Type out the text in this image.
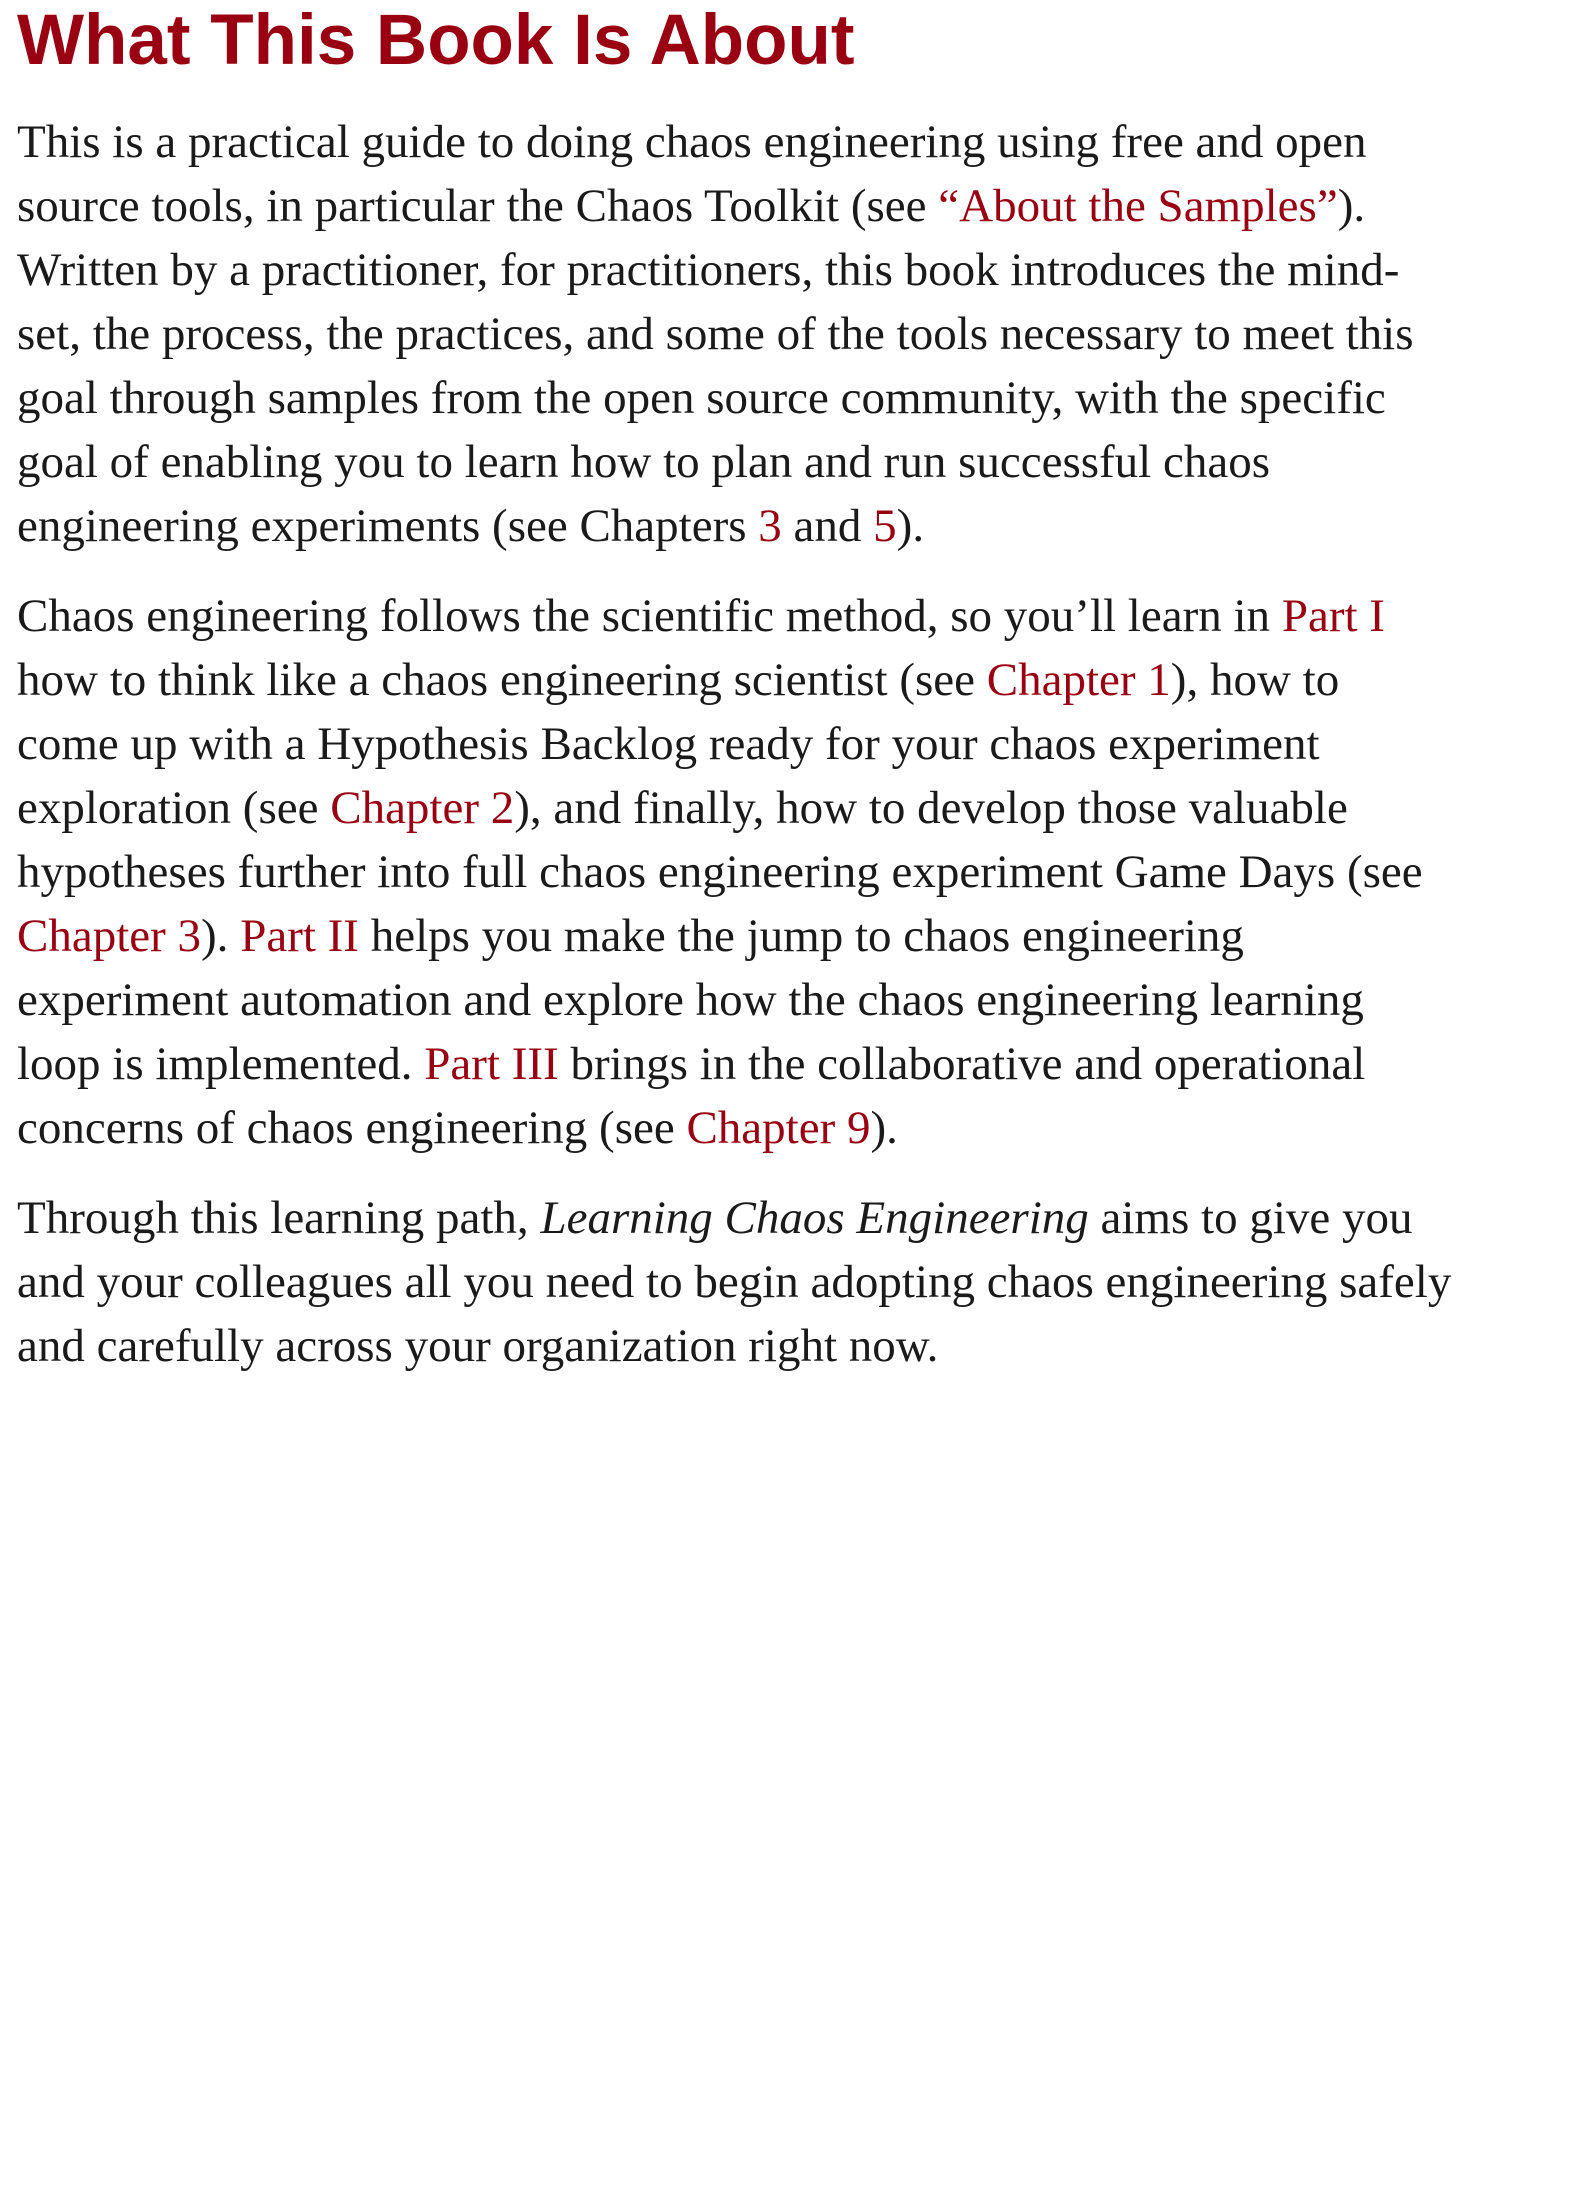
What This Book Is About

This is a practical guide to doing chaos engineering using free and open
source tools, in particular the Chaos Toolkit (see “About the Samples”).
Written by a practitioner, for practitioners, this book introduces the mind-
set, the process, the practices, and some of the tools necessary to meet this
goal through samples from the open source community, with the specific
goal of enabling you to learn how to plan and run successful chaos
engineering experiments (see Chapters 3 and 5).

Chaos engineering follows the scientific method, so you’ll learn in Part I
how to think like a chaos engineering scientist (see Chapter 1), how to
come up with a Hypothesis Backlog ready for your chaos experiment
exploration (see Chapter 2), and finally, how to develop those valuable
hypotheses further into full chaos engineering experiment Game Days (see
Chapter 3). Part II helps you make the jump to chaos engineering
experiment automation and explore how the chaos engineering learning
loop is implemented. Part III brings in the collaborative and operational
concerns of chaos engineering (see Chapter 9).

Through this learning path, Learning Chaos Engineering aims to give you
and your colleagues all you need to begin adopting chaos engineering safely
and carefully across your organization right now.
